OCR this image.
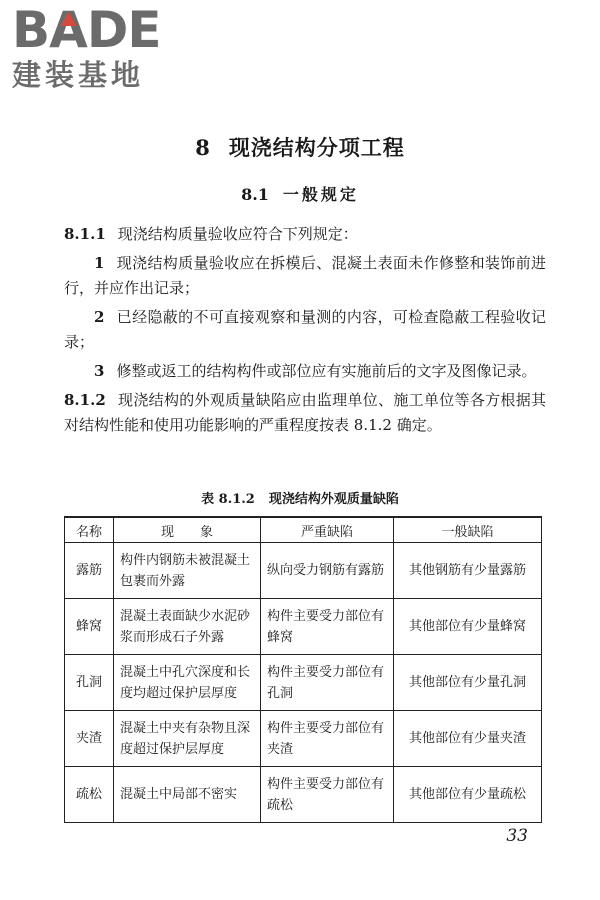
BADE
建装基地
8 现浇结构分项工程
8.1 一般规定

8.1.1 现浇结构质量验收应符合下列规定：

1 现浇结构质量验收应在拆模后、混凝土表面未作修整和装饰前进行，并应作出记录；

2 已经隐蔽的不可直接观察和量测的内容，可检查隐蔽工程验收记录；

3 修整或返工的结构构件或部位应有实施前后的文字及图像记录。

8.1.2 现浇结构的外观质量缺陷应由监理单位、施工单位等各方根据其对结构性能和使用功能影响的严重程度按表 8.1.2 确定。

表 8.1.2 现浇结构外观质量缺陷
名称	现　　象	严重缺陷	一般缺陷
露筋	构件内钢筋未被混凝土包裹而外露	纵向受力钢筋有露筋	其他钢筋有少量露筋
蜂窝	混凝土表面缺少水泥砂浆而形成石子外露	构件主要受力部位有蜂窝	其他部位有少量蜂窝
孔洞	混凝土中孔穴深度和长度均超过保护层厚度	构件主要受力部位有孔洞	其他部位有少量孔洞
夹渣	混凝土中夹有杂物且深度超过保护层厚度	构件主要受力部位有夹渣	其他部位有少量夹渣
疏松	混凝土中局部不密实	构件主要受力部位有疏松	其他部位有少量疏松
33
